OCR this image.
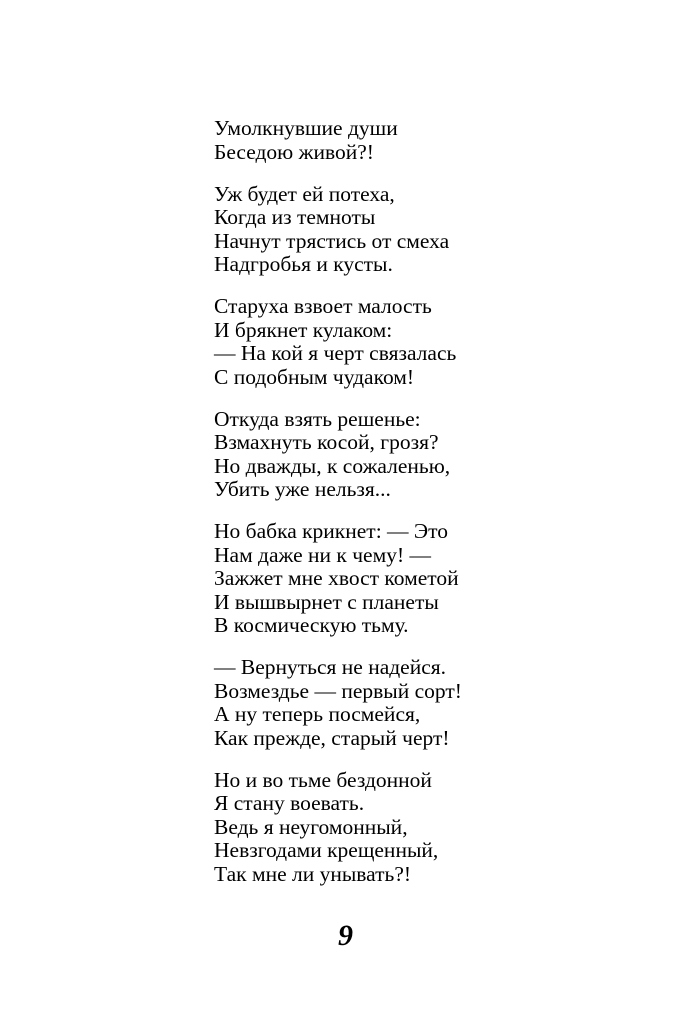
Умолкнувшие души
Беседою живой?!
Уж будет ей потеха,
Когда из темноты
Начнут трястись от смеха
Надгробья и кусты.
Старуха взвоет малость
И брякнет кулаком:
— На кой я черт связалась
С подобным чудаком!
Откуда взять решенье:
Взмахнуть косой, грозя?
Но дважды, к сожаленью,
Убить уже нельзя...
Но бабка крикнет: — Это
Нам даже ни к чему! —
Зажжет мне хвост кометой
И вышвырнет с планеты
В космическую тьму.
— Вернуться не надейся.
Возмездье — первый сорт!
А ну теперь посмейся,
Как прежде, старый черт!
Но и во тьме бездонной
Я стану воевать.
Ведь я неугомонный,
Невзгодами крещенный,
Так мне ли унывать?!
9
